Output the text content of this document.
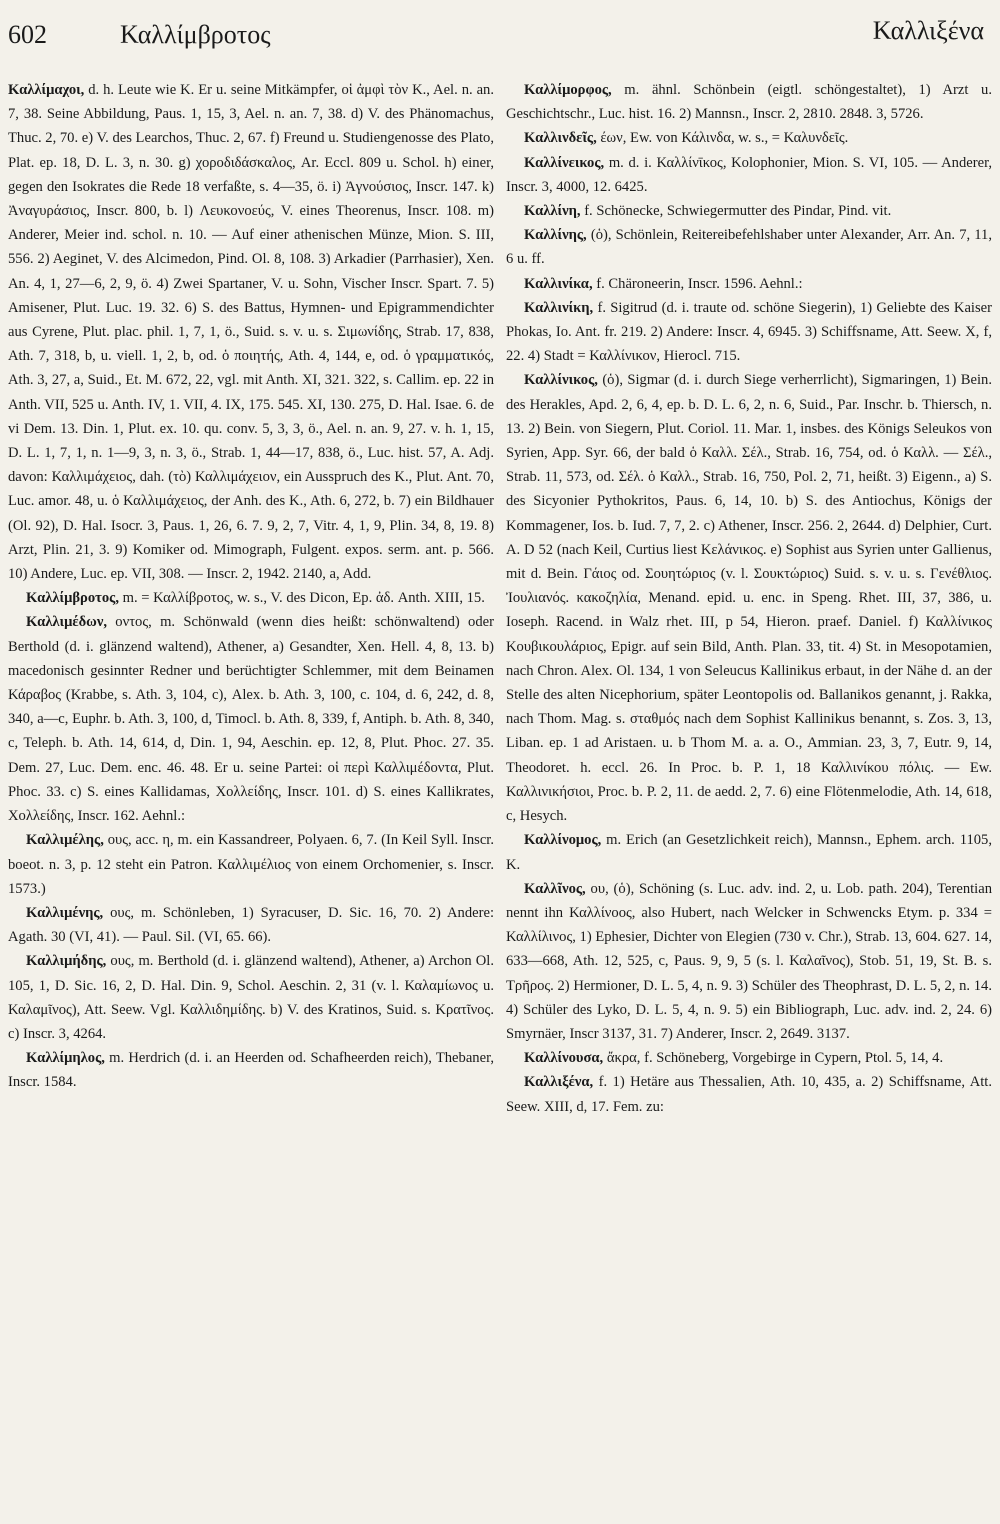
602	Καλλίμβροτος	Καλλιξένα

Καλλίμαχοι, d. h. Leute wie K. Er u. seine Mitkämpfer, οἱ ἀμφὶ τὸν K., Ael. n. an. 7, 38. Seine Abbildung, Paus. 1, 15, 3, Ael. n. an. 7, 38. d) V. des Phänomachus, Thuc. 2, 70. e) V. des Learchos, Thuc. 2, 67. f) Freund u. Studiengenosse des Plato, Plat. ep. 18, D. L. 3, n. 30. g) χοροδιδάσκαλος, Ar. Eccl. 809 u. Schol. h) einer, gegen den Isokrates die Rede 18 verfaßte, s. 4—35, ö. i) Ἀγνούσιος, Inscr. 147. k) Ἀναγυράσιος, Inscr. 800, b. l) Λευκονοεύς, V. eines Theorenus, Inscr. 108. m) Anderer, Meier ind. schol. n. 10. — Auf einer athenischen Münze, Mion. S. III, 556. 2) Aeginet, V. des Alcimedon, Pind. Ol. 8, 108. 3) Arkadier (Parrhasier), Xen. An. 4, 1, 27—6, 2, 9, ö. 4) Zwei Spartaner, V. u. Sohn, Vischer Inscr. Spart. 7. 5) Amisener, Plut. Luc. 19. 32. 6) S. des Battus, Hymnen- und Epigrammendichter aus Cyrene, Plut. plac. phil. 1, 7, 1, ö., Suid. s. v. u. s. Σιμωνίδης, Strab. 17, 838, Ath. 7, 318, b, u. viell. 1, 2, b, od. ὁ ποιητής, Ath. 4, 144, e, od. ὁ γραμματικός, Ath. 3, 27, a, Suid., Et. M. 672, 22, vgl. mit Anth. XI, 321. 322, s. Callim. ep. 22 in Anth. VII, 525 u. Anth. IV, 1. VII, 4. IX, 175. 545. XI, 130. 275, D. Hal. Isae. 6. de vi Dem. 13. Din. 1, Plut. ex. 10. qu. conv. 5, 3, 3, ö., Ael. n. an. 9, 27. v. h. 1, 15, D. L. 1, 7, 1, n. 1—9, 3, n. 3, ö., Strab. 1, 44—17, 838, ö., Luc. hist. 57, A. Adj. davon: Καλλιμάχειος, dah. (τὸ) Καλλιμάχειον, ein Ausspruch des K., Plut. Ant. 70, Luc. amor. 48, u. ὁ Καλλιμάχειος, der Anh. des K., Ath. 6, 272, b. 7) ein Bildhauer (Ol. 92), D. Hal. Isocr. 3, Paus. 1, 26, 6. 7. 9, 2, 7, Vitr. 4, 1, 9, Plin. 34, 8, 19. 8) Arzt, Plin. 21, 3. 9) Komiker od. Mimograph, Fulgent. expos. serm. ant. p. 566. 10) Andere, Luc. ep. VII, 308. — Inscr. 2, 1942. 2140, a, Add.

Καλλίμβροτος, m. = Καλλίβροτος, w. s., V. des Dicon, Ep. ἀδ. Anth. XIII, 15.

Καλλιμέδων, οντος, m. Schönwald (wenn dies heißt: schönwaltend) oder Berthold (d. i. glänzend waltend), Athener, a) Gesandter, Xen. Hell. 4, 8, 13. b) macedonisch gesinnter Redner und berüchtigter Schlemmer, mit dem Beinamen Κάραβος (Krabbe, s. Ath. 3, 104, c), Alex. b. Ath. 3, 100, c. 104, d. 6, 242, d. 8, 340, a—c, Euphr. b. Ath. 3, 100, d, Timocl. b. Ath. 8, 339, f, Antiph. b. Ath. 8, 340, c, Teleph. b. Ath. 14, 614, d, Din. 1, 94, Aeschin. ep. 12, 8, Plut. Phoc. 27. 35. Dem. 27, Luc. Dem. enc. 46. 48. Er u. seine Partei: οἱ περὶ Καλλιμέδοντα, Plut. Phoc. 33. c) S. eines Kallidamas, Χολλείδης, Inscr. 101. d) S. eines Kallikrates, Χολλείδης, Inscr. 162. Aehnl.:

Καλλιμέλης, ους, acc. η, m. ein Kassandreer, Polyaen. 6, 7. (In Keil Syll. Inscr. boeot. n. 3, p. 12 steht ein Patron. Καλλιμέλιος von einem Orchomenier, s. Inscr. 1573.)

Καλλιμένης, ους, m. Schönleben, 1) Syracuser, D. Sic. 16, 70. 2) Andere: Agath. 30 (VI, 41). — Paul. Sil. (VI, 65. 66).

Καλλιμήδης, ους, m. Berthold (d. i. glänzend waltend), Athener, a) Archon Ol. 105, 1, D. Sic. 16, 2, D. Hal. Din. 9, Schol. Aeschin. 2, 31 (v. l. Καλαμίωνος u. Καλαμῖνος), Att. Seew. Vgl. Καλλιδημίδης. b) V. des Kratinos, Suid. s. Κρατῖνος. c) Inscr. 3, 4264.

Καλλίμηλος, m. Herdrich (d. i. an Heerden od. Schafheerden reich), Thebaner, Inscr. 1584.

Καλλίμορφος, m. ähnl. Schönbein (eigtl. schöngestaltet), 1) Arzt u. Geschichtschr., Luc. hist. 16. 2) Mannsn., Inscr. 2, 2810. 2848. 3, 5726.

Καλλινδεῖς, έων, Ew. von Κάλινδα, w. s., = Καλυνδεῖς.

Καλλίνεικος, m. d. i. Καλλίνῑκος, Kolophonier, Mion. S. VI, 105. — Anderer, Inscr. 3, 4000, 12. 6425.

Καλλίνη, f. Schönecke, Schwiegermutter des Pindar, Pind. vit.

Καλλίνης, (ὁ), Schönlein, Reitereibefehlshaber unter Alexander, Arr. An. 7, 11, 6 u. ff.

Καλλινίκα, f. Chäroneerin, Inscr. 1596. Aehnl.:

Καλλινίκη, f. Sigitrud (d. i. traute od. schöne Siegerin), 1) Geliebte des Kaiser Phokas, Io. Ant. fr. 219. 2) Andere: Inscr. 4, 6945. 3) Schiffsname, Att. Seew. X, f, 22. 4) Stadt = Καλλίνικον, Hierocl. 715.

Καλλίνικος, (ὁ), Sigmar (d. i. durch Siege verherrlicht), Sigmaringen, 1) Bein. des Herakles, Apd. 2, 6, 4, ep. b. D. L. 6, 2, n. 6, Suid., Par. Inschr. b. Thiersch, n. 13. 2) Bein. von Siegern, Plut. Coriol. 11. Mar. 1, insbes. des Königs Seleukos von Syrien, App. Syr. 66, der bald ὁ Καλλ. Σέλ., Strab. 16, 754, od. ὁ Καλλ. — Σέλ., Strab. 11, 573, od. Σέλ. ὁ Καλλ., Strab. 16, 750, Pol. 2, 71, heißt. 3) Eigenn., a) S. des Sicyonier Pythokritos, Paus. 6, 14, 10. b) S. des Antiochus, Königs der Kommagener, Ios. b. Iud. 7, 7, 2. c) Athener, Inscr. 256. 2, 2644. d) Delphier, Curt. A. D 52 (nach Keil, Curtius liest Κελάνικος. e) Sophist aus Syrien unter Gallienus, mit d. Bein. Γάιος od. Σουητώριος (v. l. Σουκτώριος) Suid. s. v. u. s. Γενέθλιος. Ἰουλιανός. κακοζηλία, Menand. epid. u. enc. in Speng. Rhet. III, 37, 386, u. Ioseph. Racend. in Walz rhet. III, p 54, Hieron. praef. Daniel. f) Καλλίνικος Κουβικουλάριος, Epigr. auf sein Bild, Anth. Plan. 33, tit. 4) St. in Mesopotamien, nach Chron. Alex. Ol. 134, 1 von Seleucus Kallinikus erbaut, in der Nähe d. an der Stelle des alten Nicephorium, später Leontopolis od. Ballanikos genannt, j. Rakka, nach Thom. Mag. s. σταθμός nach dem Sophist Kallinikus benannt, s. Zos. 3, 13, Liban. ep. 1 ad Aristaen. u. b Thom M. a. a. O., Ammian. 23, 3, 7, Eutr. 9, 14, Theodoret. h. eccl. 26. In Proc. b. P. 1, 18 Καλλινίκου πόλις. — Ew. Καλλινικήσιοι, Proc. b. P. 2, 11. de aedd. 2, 7. 6) eine Flötenmelodie, Ath. 14, 618, c, Hesych.

Καλλίνομος, m. Erich (an Gesetzlichkeit reich), Mannsn., Ephem. arch. 1105, K.

Καλλῖνος, ου, (ὁ), Schöning (s. Luc. adv. ind. 2, u. Lob. path. 204), Terentian nennt ihn Καλλίνοος, also Hubert, nach Welcker in Schwencks Etym. p. 334 = Καλλίλινος, 1) Ephesier, Dichter von Elegien (730 v. Chr.), Strab. 13, 604. 627. 14, 633—668, Ath. 12, 525, c, Paus. 9, 9, 5 (s. l. Καλαῖνος), Stob. 51, 19, St. B. s. Τρῆρος. 2) Hermioner, D. L. 5, 4, n. 9. 3) Schüler des Theophrast, D. L. 5, 2, n. 14. 4) Schüler des Lyko, D. L. 5, 4, n. 9. 5) ein Bibliograph, Luc. adv. ind. 2, 24. 6) Smyrnäer, Inscr 3137, 31. 7) Anderer, Inscr. 2, 2649. 3137.

Καλλίνουσα, ἄκρα, f. Schöneberg, Vorgebirge in Cypern, Ptol. 5, 14, 4.

Καλλιξένα, f. 1) Hetäre aus Thessalien, Ath. 10, 435, a. 2) Schiffsname, Att. Seew. XIII, d, 17. Fem. zu:
